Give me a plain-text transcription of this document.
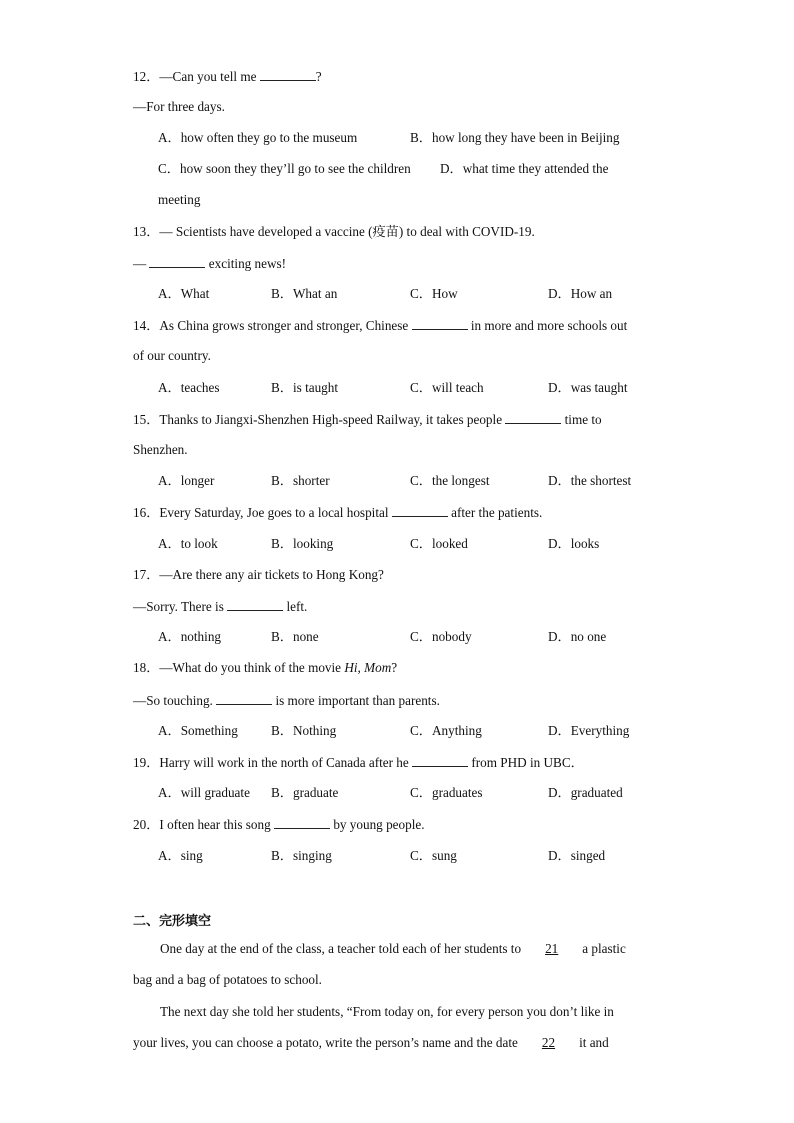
12．—Can you tell me	?
—For three days.
A．how often they go to the museum	B．how long they have been in Beijing
C．how soon they they’ll go to see the children D．what time they attended the
meeting
13．— Scientists have developed a vaccine (疫苗) to deal with COVID-19.
—	exciting news!
A．What	B．What an	C．How	D．How an
14．As China grows stronger and stronger, Chinese	in more and more schools out
of our country.
A．teaches	B．is taught	C．will teach	D．was taught
15．Thanks to Jiangxi-Shenzhen High-speed Railway, it takes people	time to
Shenzhen.
A．longer	B．shorter	C．the longest	D．the shortest
16．Every Saturday, Joe goes to a local hospital	after the patients.
A．to look	B．looking	C．looked	D．looks
17．—Are there any air tickets to Hong Kong?
—Sorry. There is	left.
A．nothing	B．none	C．nobody	D．no one
18．—What do you think of the movie Hi, Mom?
—So touching.	is more important than parents.
A．Something	B．Nothing	C．Anything	D．Everything
19．Harry will work in the north of Canada after he	from PHD in UBC．
A．will graduate B．graduate	C．graduates	D．graduated
20．I often hear this song	by young people.
A．sing	B．singing	C．sung	D．singed
二、完形填空
One day at the end of the class, a teacher told each of her students to 21 a plastic
bag and a bag of potatoes to school.
The next day she told her students, “From today on, for every person you don’t like in
your lives, you can choose a potato, write the person’s name and the date 22 it and
